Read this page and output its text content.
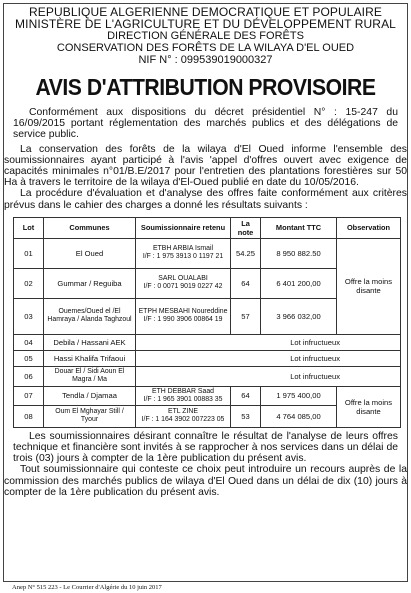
REPUBLIQUE ALGERIENNE DEMOCRATIQUE ET POPULAIRE
MINISTÈRE DE L'AGRICULTURE ET DU DÉVELOPPEMENT RURAL
DIRECTION GÉNÉRALE DES FORÊTS
CONSERVATION DES FORÊTS DE LA WILAYA D'EL OUED
NIF N° : 099539019000327
AVIS D'ATTRIBUTION PROVISOIRE

Conformément aux dispositions du décret présidentiel N° : 15-247 du 16/09/2015 portant réglementation des marchés publics et des délégations de service public.

La conservation des forêts de la wilaya d'El Oued informe l'ensemble des soumissionnaires ayant participé à l'avis 'appel d'offres ouvert avec exigence de capacités minimales n°01/B.E/2017 pour l'entretien des plantations forestières sur 50 Ha à travers le territoire de la wilaya d'El-Oued publié en date du 10/05/2016.

La procédure d'évaluation et d'analyse des offres faite conformément aux critères prévus dans le cahier des charges a donné les résultats suivants :

Lot	Communes	Soumissionnaire retenu	La note	Montant TTC	Observation
01	El Oued	ETBH ARBIA Ismail
I/F : 1 975 3913 0 1197 21	54.25	8 950 882.50	Offre la moins disante
02	Gummar / Reguiba	SARL OUALABI
I/F : 0 0071 9019 0227 42	64	6 401 200,00	
03	Ouemes/Oued el /El Hamraya / Alanda Taghzoul	ETPH MESBAHI Noureddine
I/F : 1 990 3906 00864 19	57	3 966 032,00	
04	Debila / Hassani AEK	Lot infructueux			
05	Hassi Khalifa Trifaoui	Lot infructueux			
06	Douar El / Sidi Aoun El Magra / Ma	Lot infructueux			
07	Tendla / Djamaa	ETH DEBBAR Saad
I/F : 1 965 3901 00883 35	64	1 975 400,00	Offre la moins disante
08	Oum El Mghayar Still / Tyour	ETL ZINE
I/F : 1 164 3902 007223 05	53	4 764 085,00	

Les soumissionnaires désirant connaître le résultat de l'analyse de leurs offres technique et financière sont invités à se rapprocher à nos services dans un délai de trois (03) jours à compter de la 1ère publication du présent avis.

Tout soumissionnaire qui conteste ce choix peut introduire un recours auprès de la commission des marchés publics de wilaya d'El Oued dans un délai de dix (10) jours à compter de la 1ère publication du présent avis.

Anep N° 515 223 - Le Courrier d'Algérie du 10 juin 2017
